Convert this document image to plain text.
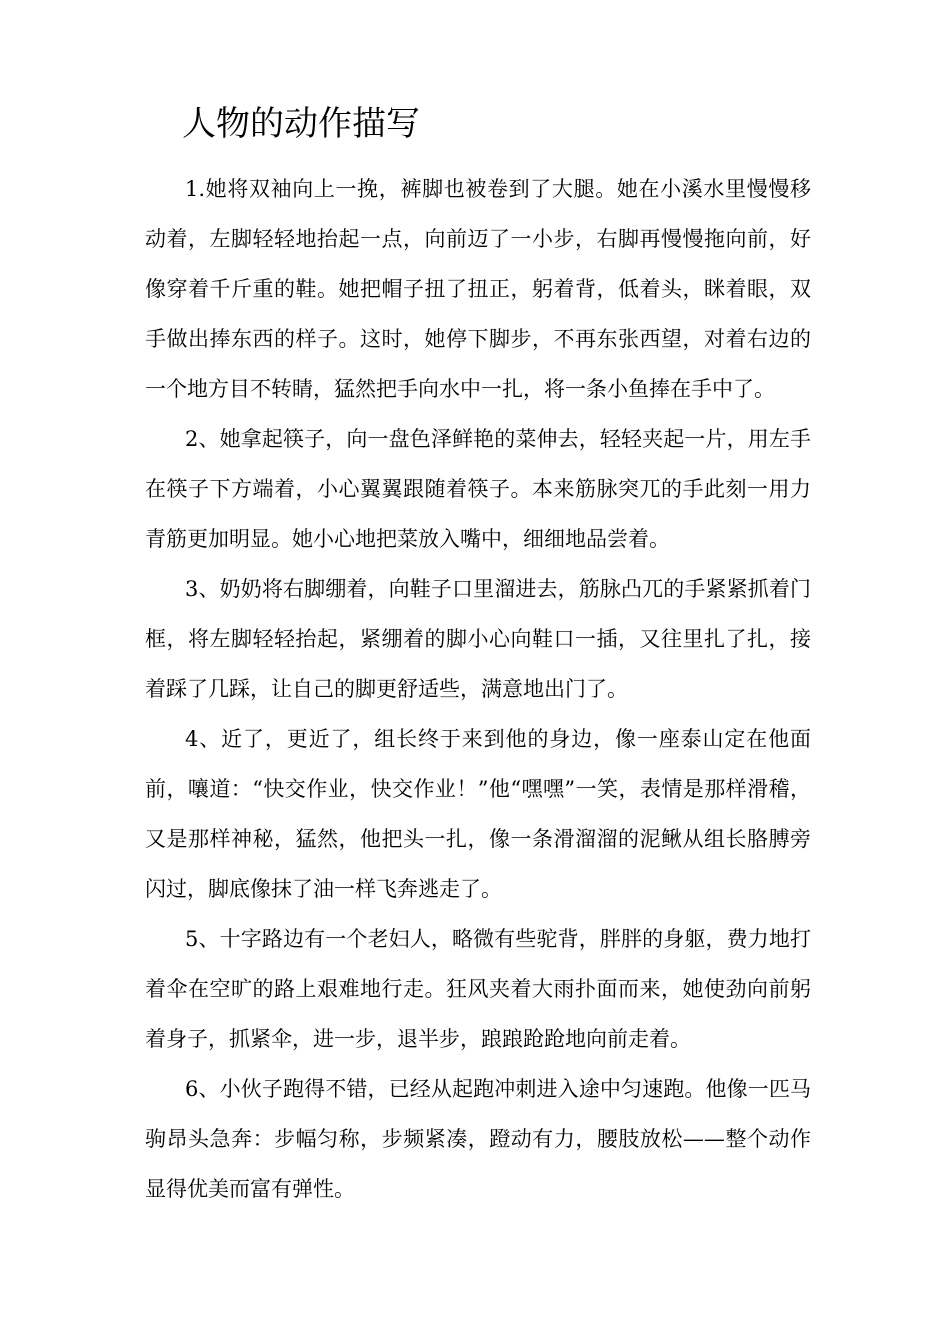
人物的动作描写

1.她将双袖向上一挽，裤脚也被卷到了大腿。她在小溪水里慢慢移动着，左脚轻轻地抬起一点，向前迈了一小步，右脚再慢慢拖向前，好像穿着千斤重的鞋。她把帽子扭了扭正，躬着背，低着头，眯着眼，双手做出捧东西的样子。这时，她停下脚步，不再东张西望，对着右边的一个地方目不转睛，猛然把手向水中一扎，将一条小鱼捧在手中了。

2、她拿起筷子，向一盘色泽鲜艳的菜伸去，轻轻夹起一片，用左手在筷子下方端着，小心翼翼跟随着筷子。本来筋脉突兀的手此刻一用力青筋更加明显。她小心地把菜放入嘴中，细细地品尝着。

3、奶奶将右脚绷着，向鞋子口里溜进去，筋脉凸兀的手紧紧抓着门框，将左脚轻轻抬起，紧绷着的脚小心向鞋口一插，又往里扎了扎，接着踩了几踩，让自己的脚更舒适些，满意地出门了。

4、近了，更近了，组长终于来到他的身边，像一座泰山定在他面前，嚷道：“快交作业，快交作业！”他“嘿嘿”一笑，表情是那样滑稽，又是那样神秘，猛然，他把头一扎，像一条滑溜溜的泥鳅从组长胳膊旁闪过，脚底像抹了油一样飞奔逃走了。

5、十字路边有一个老妇人，略微有些驼背，胖胖的身躯，费力地打着伞在空旷的路上艰难地行走。狂风夹着大雨扑面而来，她使劲向前躬着身子，抓紧伞，进一步，退半步，踉踉跄跄地向前走着。

6、小伙子跑得不错，已经从起跑冲刺进入途中匀速跑。他像一匹马驹昂头急奔：步幅匀称，步频紧凑，蹬动有力，腰肢放松——整个动作显得优美而富有弹性。
